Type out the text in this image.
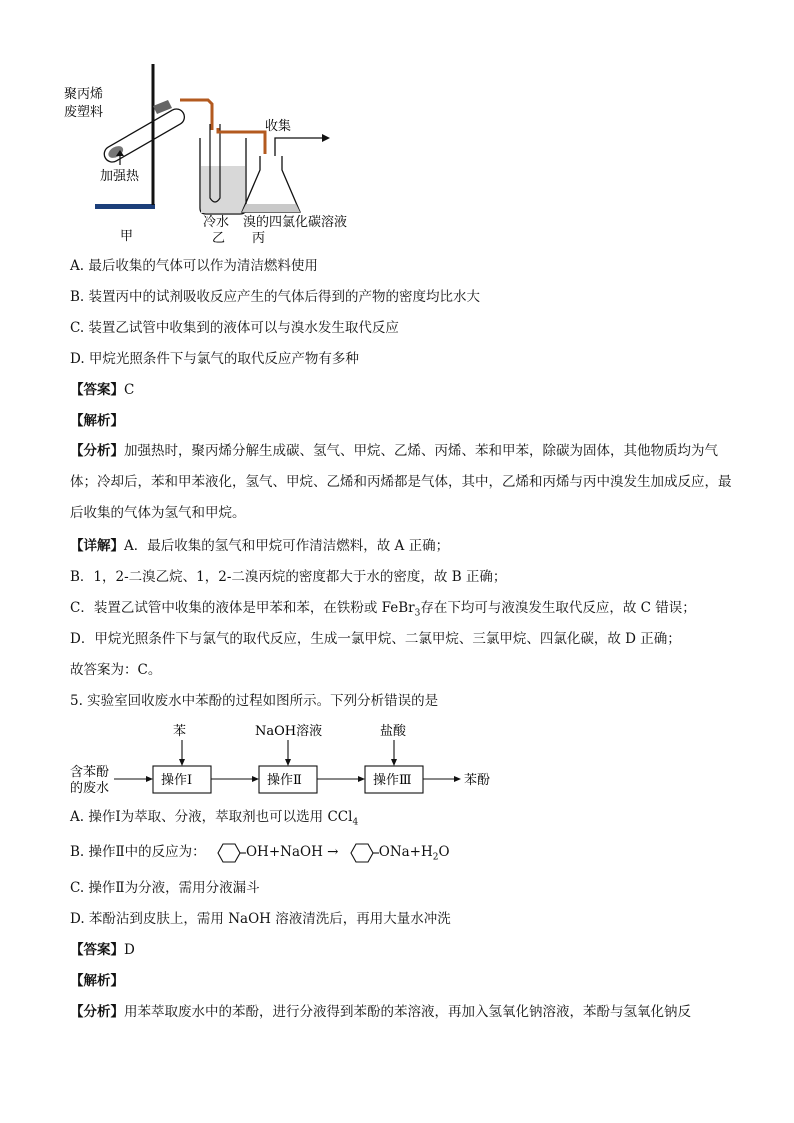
聚丙烯
废塑料
加强热
收集
冷水 溴的四氯化碳溶液
甲	乙 丙
A. 最后收集的气体可以作为清洁燃料使用
B. 装置丙中的试剂吸收反应产生的气体后得到的产物的密度均比水大
C. 装置乙试管中收集到的液体可以与溴水发生取代反应
D. 甲烷光照条件下与氯气的取代反应产物有多种
【答案】C
【解析】
【分析】加强热时，聚丙烯分解生成碳、氢气、甲烷、乙烯、丙烯、苯和甲苯，除碳为固体，其他物质均为气体；冷却后，苯和甲苯液化，氢气、甲烷、乙烯和丙烯都是气体，其中，乙烯和丙烯与丙中溴发生加成反应，最后收集的气体为氢气和甲烷。
【详解】A．最后收集的氢气和甲烷可作清洁燃料，故 A 正确；
B．1，2-二溴乙烷、1，2-二溴丙烷的密度都大于水的密度，故 B 正确；
C．装置乙试管中收集的液体是甲苯和苯，在铁粉或 FeBr$_3$存在下均可与液溴发生取代反应，故 C 错误；
D．甲烷光照条件下与氯气的取代反应，生成一氯甲烷、二氯甲烷、三氯甲烷、四氯化碳，故 D 正确；
故答案为：C。
5. 实验室回收废水中苯酚的过程如图所示。下列分析错误的是
含苯酚
的废水
操作Ⅰ
苯
操作Ⅱ
NaOH溶液
操作Ⅲ
盐酸
苯酚
A. 操作Ⅰ为萃取、分液，萃取剂也可以选用 CCl$_4$
B. 操作Ⅱ中的反应为：	OH+NaOH →	$ONa+H_2O$
C. 操作Ⅱ为分液，需用分液漏斗
D. 苯酚沾到皮肤上，需用 NaOH 溶液清洗后，再用大量水冲洗
【答案】D
【解析】
【分析】用苯萃取废水中的苯酚，进行分液得到苯酚的苯溶液，再加入氢氧化钠溶液，苯酚与氢氧化钠反
